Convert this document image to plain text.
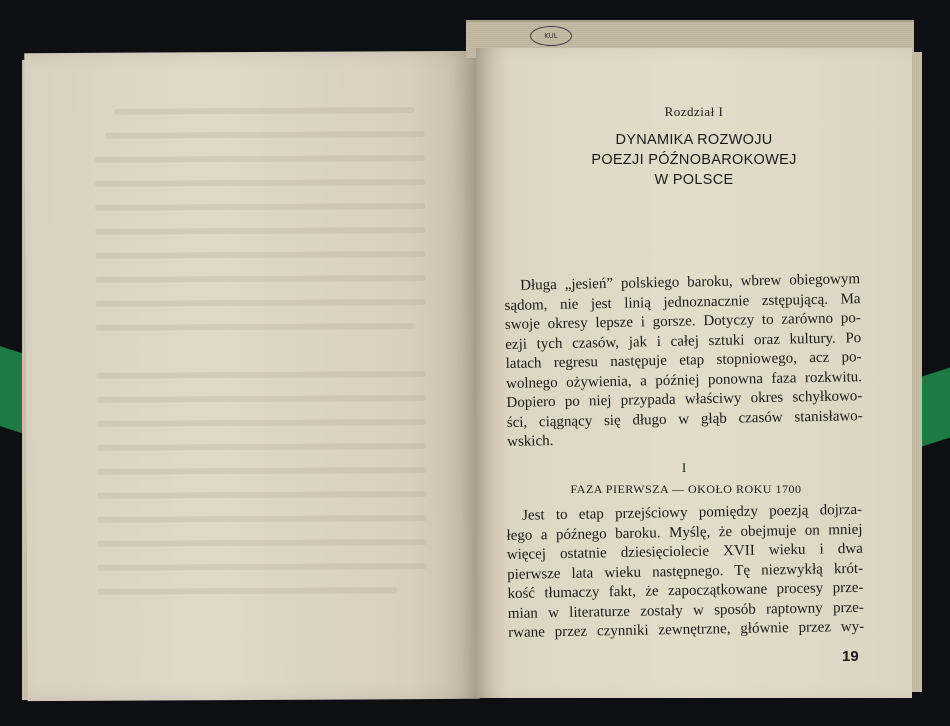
KUL
Rozdział I
DYNAMIKA ROZWOJU
POEZJI PÓŹNOBAROKOWEJ
W POLSCE
Długa „jesień” polskiego baroku, wbrew obiegowym
sądom, nie jest linią jednoznacznie zstępującą. Ma
swoje okresy lepsze i gorsze. Dotyczy to zarówno po-
ezji tych czasów, jak i całej sztuki oraz kultury. Po
latach regresu następuje etap stopniowego, acz po-
wolnego ożywienia, a później ponowna faza rozkwitu.
Dopiero po niej przypada właściwy okres schyłkowo-
ści, ciągnący się długo w głąb czasów stanisławo-
wskich.
I
FAZA PIERWSZA — OKOŁO ROKU 1700
Jest to etap przejściowy pomiędzy poezją dojrza-
łego a późnego baroku. Myślę, że obejmuje on mniej
więcej ostatnie dziesięciolecie XVII wieku i dwa
pierwsze lata wieku następnego. Tę niezwykłą krót-
kość tłumaczy fakt, że zapoczątkowane procesy prze-
mian w literaturze zostały w sposób raptowny prze-
rwane przez czynniki zewnętrzne, głównie przez wy-
19
